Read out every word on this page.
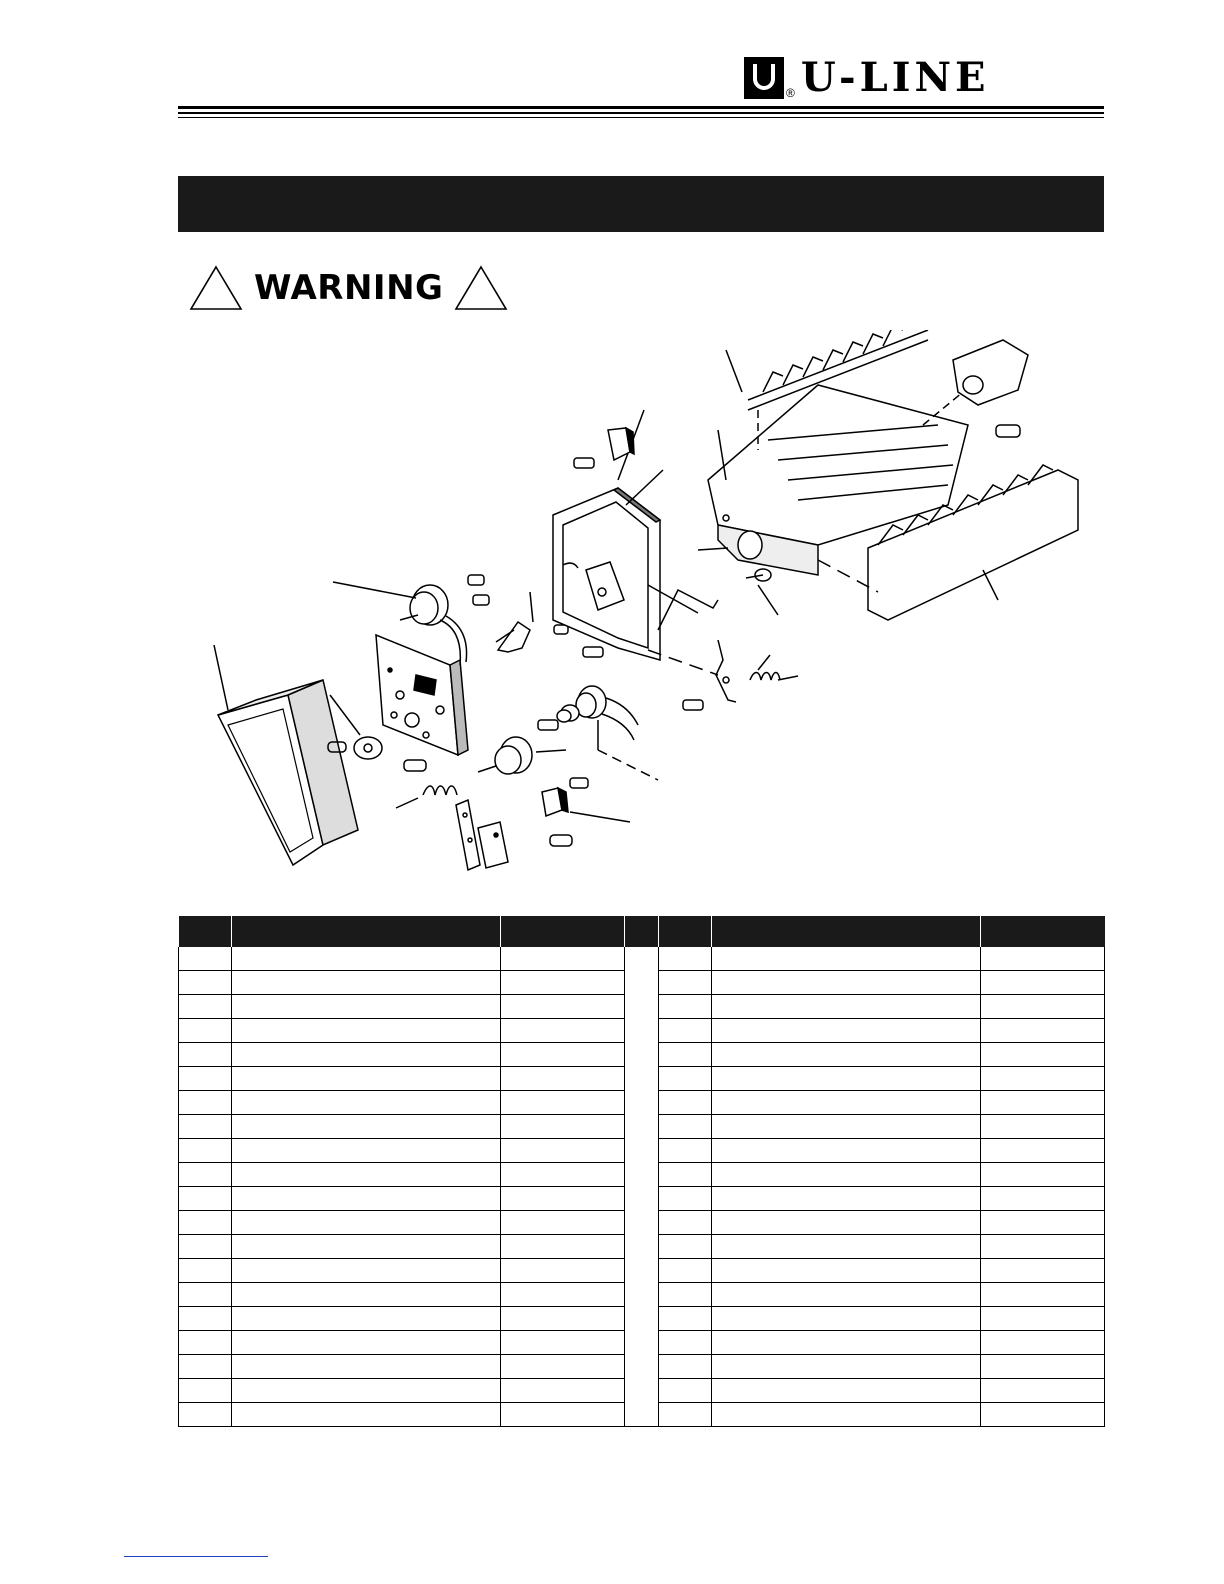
® U-LINE
WARNING
